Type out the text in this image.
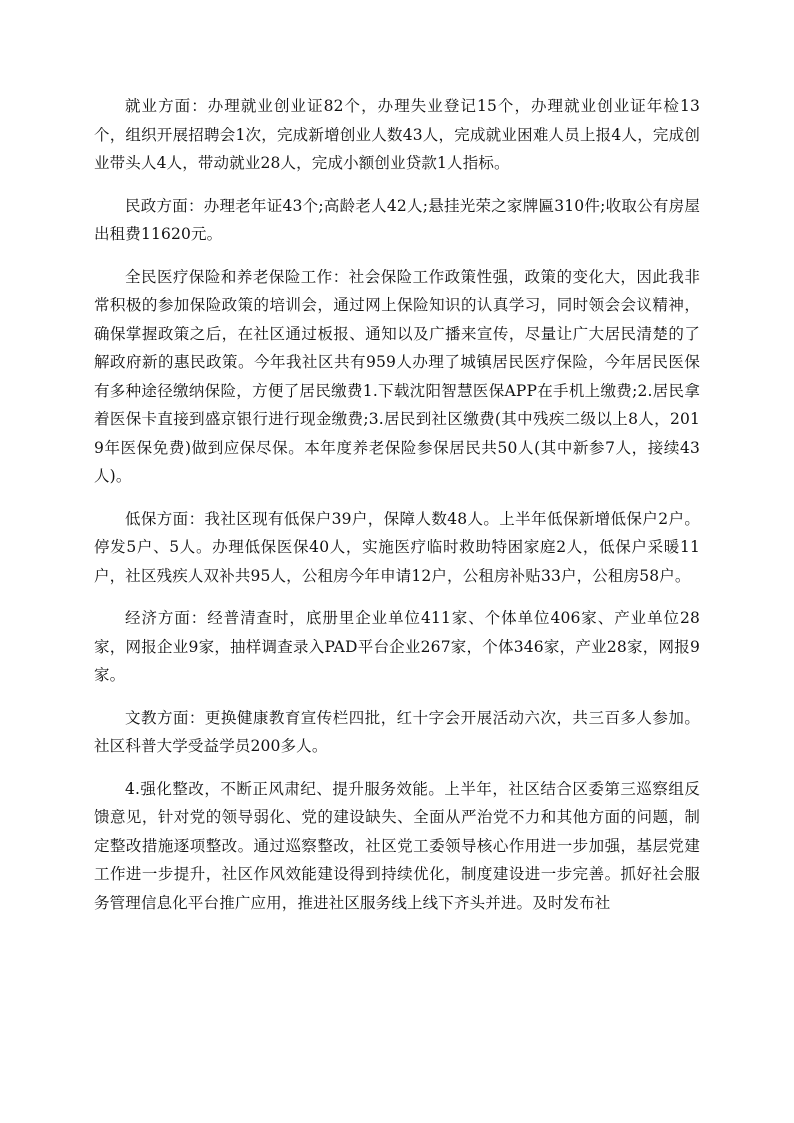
就业方面：办理就业创业证82个，办理失业登记15个，办理就业创业证年检13个，组织开展招聘会1次，完成新增创业人数43人，完成就业困难人员上报4人，完成创业带头人4人，带动就业28人，完成小额创业贷款1人指标。

民政方面：办理老年证43个;高龄老人42人;悬挂光荣之家牌匾310件;收取公有房屋出租费11620元。

全民医疗保险和养老保险工作：社会保险工作政策性强，政策的变化大，因此我非常积极的参加保险政策的培训会，通过网上保险知识的认真学习，同时领会会议精神，确保掌握政策之后，在社区通过板报、通知以及广播来宣传，尽量让广大居民清楚的了解政府新的惠民政策。今年我社区共有959人办理了城镇居民医疗保险，今年居民医保有多种途径缴纳保险，方便了居民缴费1.下载沈阳智慧医保APP在手机上缴费;2.居民拿着医保卡直接到盛京银行进行现金缴费;3.居民到社区缴费(其中残疾二级以上8人，2019年医保免费)做到应保尽保。本年度养老保险参保居民共50人(其中新参7人，接续43人)。

低保方面：我社区现有低保户39户，保障人数48人。上半年低保新增低保户2户。停发5户、5人。办理低保医保40人，实施医疗临时救助特困家庭2人，低保户采暖11户，社区残疾人双补共95人，公租房今年申请12户，公租房补贴33户，公租房58户。

经济方面：经普清查时，底册里企业单位411家、个体单位406家、产业单位28家，网报企业9家，抽样调查录入PAD平台企业267家，个体346家，产业28家，网报9家。

文教方面：更换健康教育宣传栏四批，红十字会开展活动六次，共三百多人参加。社区科普大学受益学员200多人。

4.强化整改，不断正风肃纪、提升服务效能。上半年，社区结合区委第三巡察组反馈意见，针对党的领导弱化、党的建设缺失、全面从严治党不力和其他方面的问题，制定整改措施逐项整改。通过巡察整改，社区党工委领导核心作用进一步加强，基层党建工作进一步提升，社区作风效能建设得到持续优化，制度建设进一步完善。抓好社会服务管理信息化平台推广应用，推进社区服务线上线下齐头并进。及时发布社
